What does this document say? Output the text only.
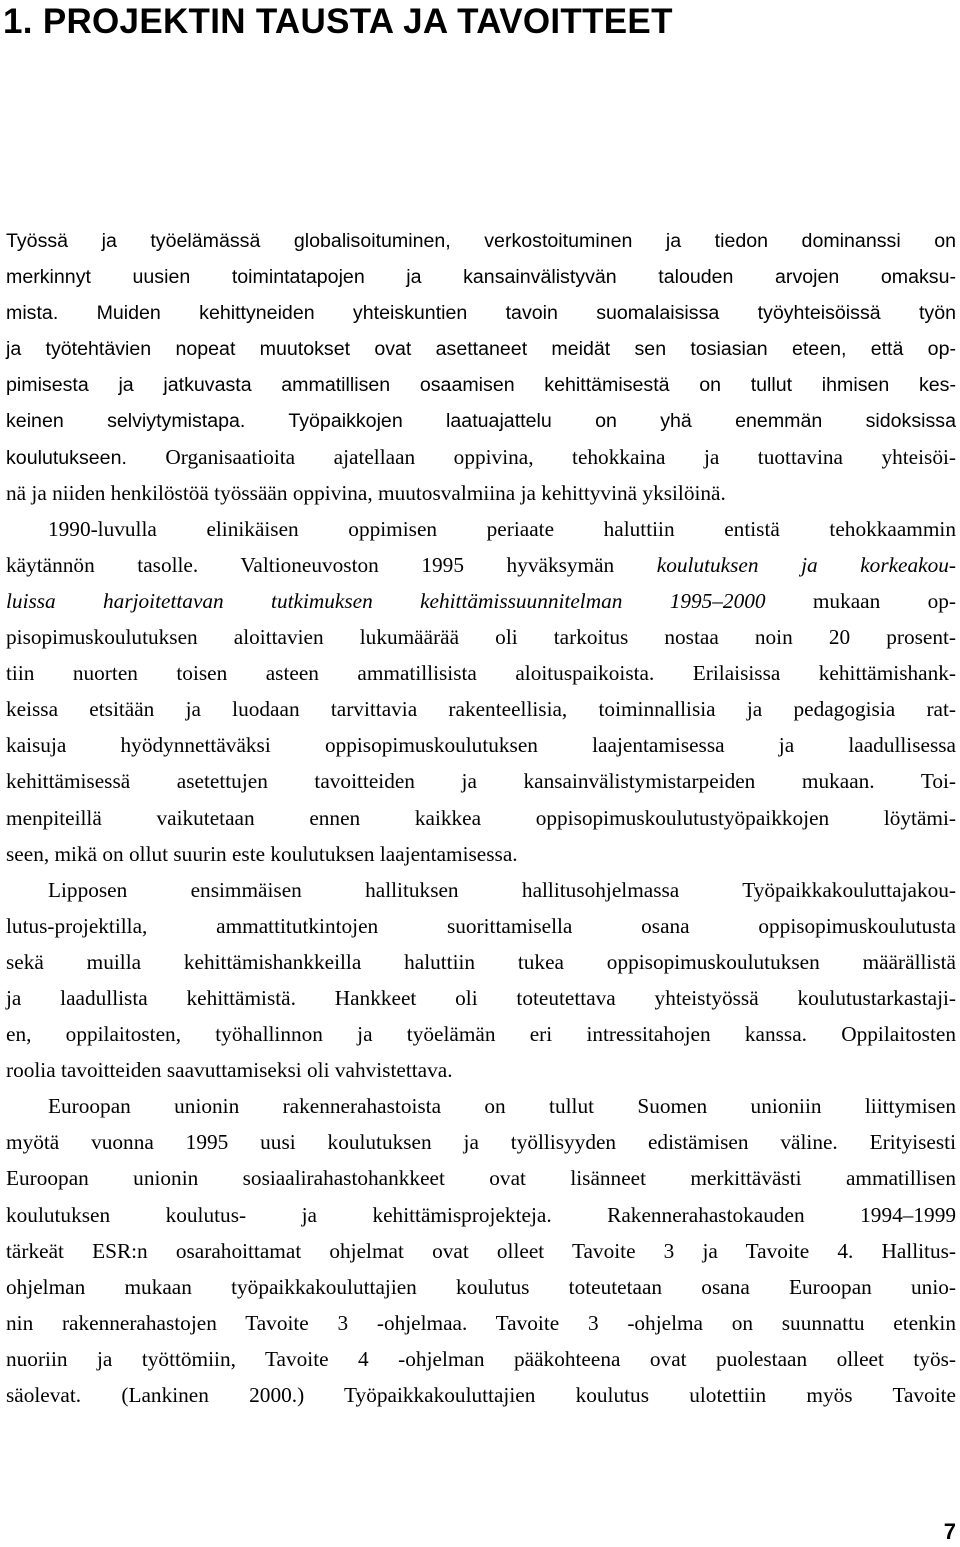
1. PROJEKTIN TAUSTA JA TAVOITTEET
Työssä ja työelämässä globalisoituminen, verkostoituminen ja tiedon dominanssi on
merkinnyt uusien toimintatapojen ja kansainvälistyvän talouden arvojen omaksu-
mista. Muiden kehittyneiden yhteiskuntien tavoin suomalaisissa työyhteisöissä työn
ja työtehtävien nopeat muutokset ovat asettaneet meidät sen tosiasian eteen, että op-
pimisesta ja jatkuvasta ammatillisen osaamisen kehittämisestä on tullut ihmisen kes-
keinen selviytymistapa. Työpaikkojen laatuajattelu on yhä enemmän sidoksissa
koulutukseen. Organisaatioita ajatellaan oppivina, tehokkaina ja tuottavina yhteisöi-
nä ja niiden henkilöstöä työssään oppivina, muutosvalmiina ja kehittyvinä yksilöinä.
1990-luvulla elinikäisen oppimisen periaate haluttiin entistä tehokkaammin
käytännön tasolle. Valtioneuvoston 1995 hyväksymän koulutuksen ja korkeakou-
luissa harjoitettavan tutkimuksen kehittämissuunnitelman 1995–2000 mukaan op-
pisopimuskoulutuksen aloittavien lukumäärää oli tarkoitus nostaa noin 20 prosent-
tiin nuorten toisen asteen ammatillisista aloituspaikoista. Erilaisissa kehittämishank-
keissa etsitään ja luodaan tarvittavia rakenteellisia, toiminnallisia ja pedagogisia rat-
kaisuja hyödynnettäväksi oppisopimuskoulutuksen laajentamisessa ja laadullisessa
kehittämisessä asetettujen tavoitteiden ja kansainvälistymistarpeiden mukaan. Toi-
menpiteillä vaikutetaan ennen kaikkea oppisopimuskoulutustyöpaikkojen löytämi-
seen, mikä on ollut suurin este koulutuksen laajentamisessa.
Lipposen ensimmäisen hallituksen hallitusohjelmassa Työpaikkakouluttajakou-
lutus-projektilla, ammattitutkintojen suorittamisella osana oppisopimuskoulutusta
sekä muilla kehittämishankkeilla haluttiin tukea oppisopimuskoulutuksen määrällistä
ja laadullista kehittämistä. Hankkeet oli toteutettava yhteistyössä koulutustarkastaji-
en, oppilaitosten, työhallinnon ja työelämän eri intressitahojen kanssa. Oppilaitosten
roolia tavoitteiden saavuttamiseksi oli vahvistettava.
Euroopan unionin rakennerahastoista on tullut Suomen unioniin liittymisen
myötä vuonna 1995 uusi koulutuksen ja työllisyyden edistämisen väline. Erityisesti
Euroopan unionin sosiaalirahastohankkeet ovat lisänneet merkittävästi ammatillisen
koulutuksen koulutus- ja kehittämisprojekteja. Rakennerahastokauden 1994–1999
tärkeät ESR:n osarahoittamat ohjelmat ovat olleet Tavoite 3 ja Tavoite 4. Hallitus-
ohjelman mukaan työpaikkakouluttajien koulutus toteutetaan osana Euroopan unio-
nin rakennerahastojen Tavoite 3 -ohjelmaa. Tavoite 3 -ohjelma on suunnattu etenkin
nuoriin ja työttömiin, Tavoite 4 -ohjelman pääkohteena ovat puolestaan olleet työs-
säolevat. (Lankinen 2000.) Työpaikkakouluttajien koulutus ulotettiin myös Tavoite
7
